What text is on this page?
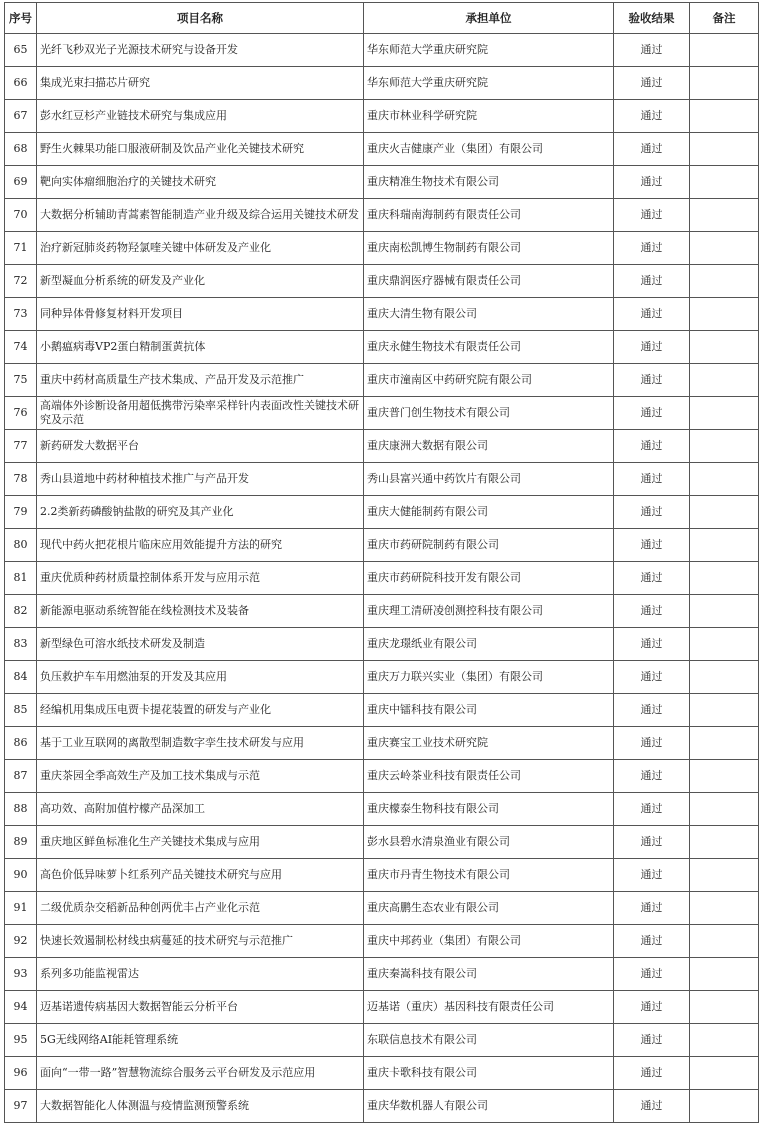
序号	项目名称	承担单位	验收结果	备注
65	光纤飞秒双光子光源技术研究与设备开发	华东师范大学重庆研究院	通过	
66	集成光束扫描芯片研究	华东师范大学重庆研究院	通过	
67	彭水红豆杉产业链技术研究与集成应用	重庆市林业科学研究院	通过	
68	野生火棘果功能口服液研制及饮品产业化关键技术研究	重庆火吉健康产业（集团）有限公司	通过	
69	靶向实体瘤细胞治疗的关键技术研究	重庆精准生物技术有限公司	通过	
70	大数据分析辅助青蒿素智能制造产业升级及综合运用关键技术研发	重庆科瑞南海制药有限责任公司	通过	
71	治疗新冠肺炎药物羟氯喹关键中体研发及产业化	重庆南松凯博生物制药有限公司	通过	
72	新型凝血分析系统的研发及产业化	重庆鼎润医疗器械有限责任公司	通过	
73	同种异体骨修复材料开发项目	重庆大清生物有限公司	通过	
74	小鹅瘟病毒VP2蛋白精制蛋黄抗体	重庆永健生物技术有限责任公司	通过	
75	重庆中药材高质量生产技术集成、产品开发及示范推广	重庆市潼南区中药研究院有限公司	通过	
76	高端体外诊断设备用超低携带污染率采样针内表面改性关键技术研究及示范	重庆普门创生物技术有限公司	通过	
77	新药研发大数据平台	重庆康洲大数据有限公司	通过	
78	秀山县道地中药材种植技术推广与产品开发	秀山县富兴通中药饮片有限公司	通过	
79	2.2类新药磷酸钠盐散的研究及其产业化	重庆大健能制药有限公司	通过	
80	现代中药火把花根片临床应用效能提升方法的研究	重庆市药研院制药有限公司	通过	
81	重庆优质种药材质量控制体系开发与应用示范	重庆市药研院科技开发有限公司	通过	
82	新能源电驱动系统智能在线检测技术及装备	重庆理工清研凌创测控科技有限公司	通过	
83	新型绿色可溶水纸技术研发及制造	重庆龙璟纸业有限公司	通过	
84	负压救护车车用燃油泵的开发及其应用	重庆万力联兴实业（集团）有限公司	通过	
85	经编机用集成压电贾卡提花装置的研发与产业化	重庆中镭科技有限公司	通过	
86	基于工业互联网的离散型制造数字孪生技术研发与应用	重庆赛宝工业技术研究院	通过	
87	重庆茶园全季高效生产及加工技术集成与示范	重庆云岭茶业科技有限责任公司	通过	
88	高功效、高附加值柠檬产品深加工	重庆檬泰生物科技有限公司	通过	
89	重庆地区鲜鱼标准化生产关键技术集成与应用	彭水县碧水清泉渔业有限公司	通过	
90	高色价低异味萝卜红系列产品关键技术研究与应用	重庆市丹青生物技术有限公司	通过	
91	二级优质杂交稻新品种创两优丰占产业化示范	重庆高鹏生态农业有限公司	通过	
92	快速长效遏制松材线虫病蔓延的技术研究与示范推广	重庆中邦药业（集团）有限公司	通过	
93	系列多功能监视雷达	重庆秦嵩科技有限公司	通过	
94	迈基诺遗传病基因大数据智能云分析平台	迈基诺（重庆）基因科技有限责任公司	通过	
95	5G无线网络AI能耗管理系统	东联信息技术有限公司	通过	
96	面向“一带一路”智慧物流综合服务云平台研发及示范应用	重庆卡歌科技有限公司	通过	
97	大数据智能化人体测温与疫情监测预警系统	重庆华数机器人有限公司	通过	
